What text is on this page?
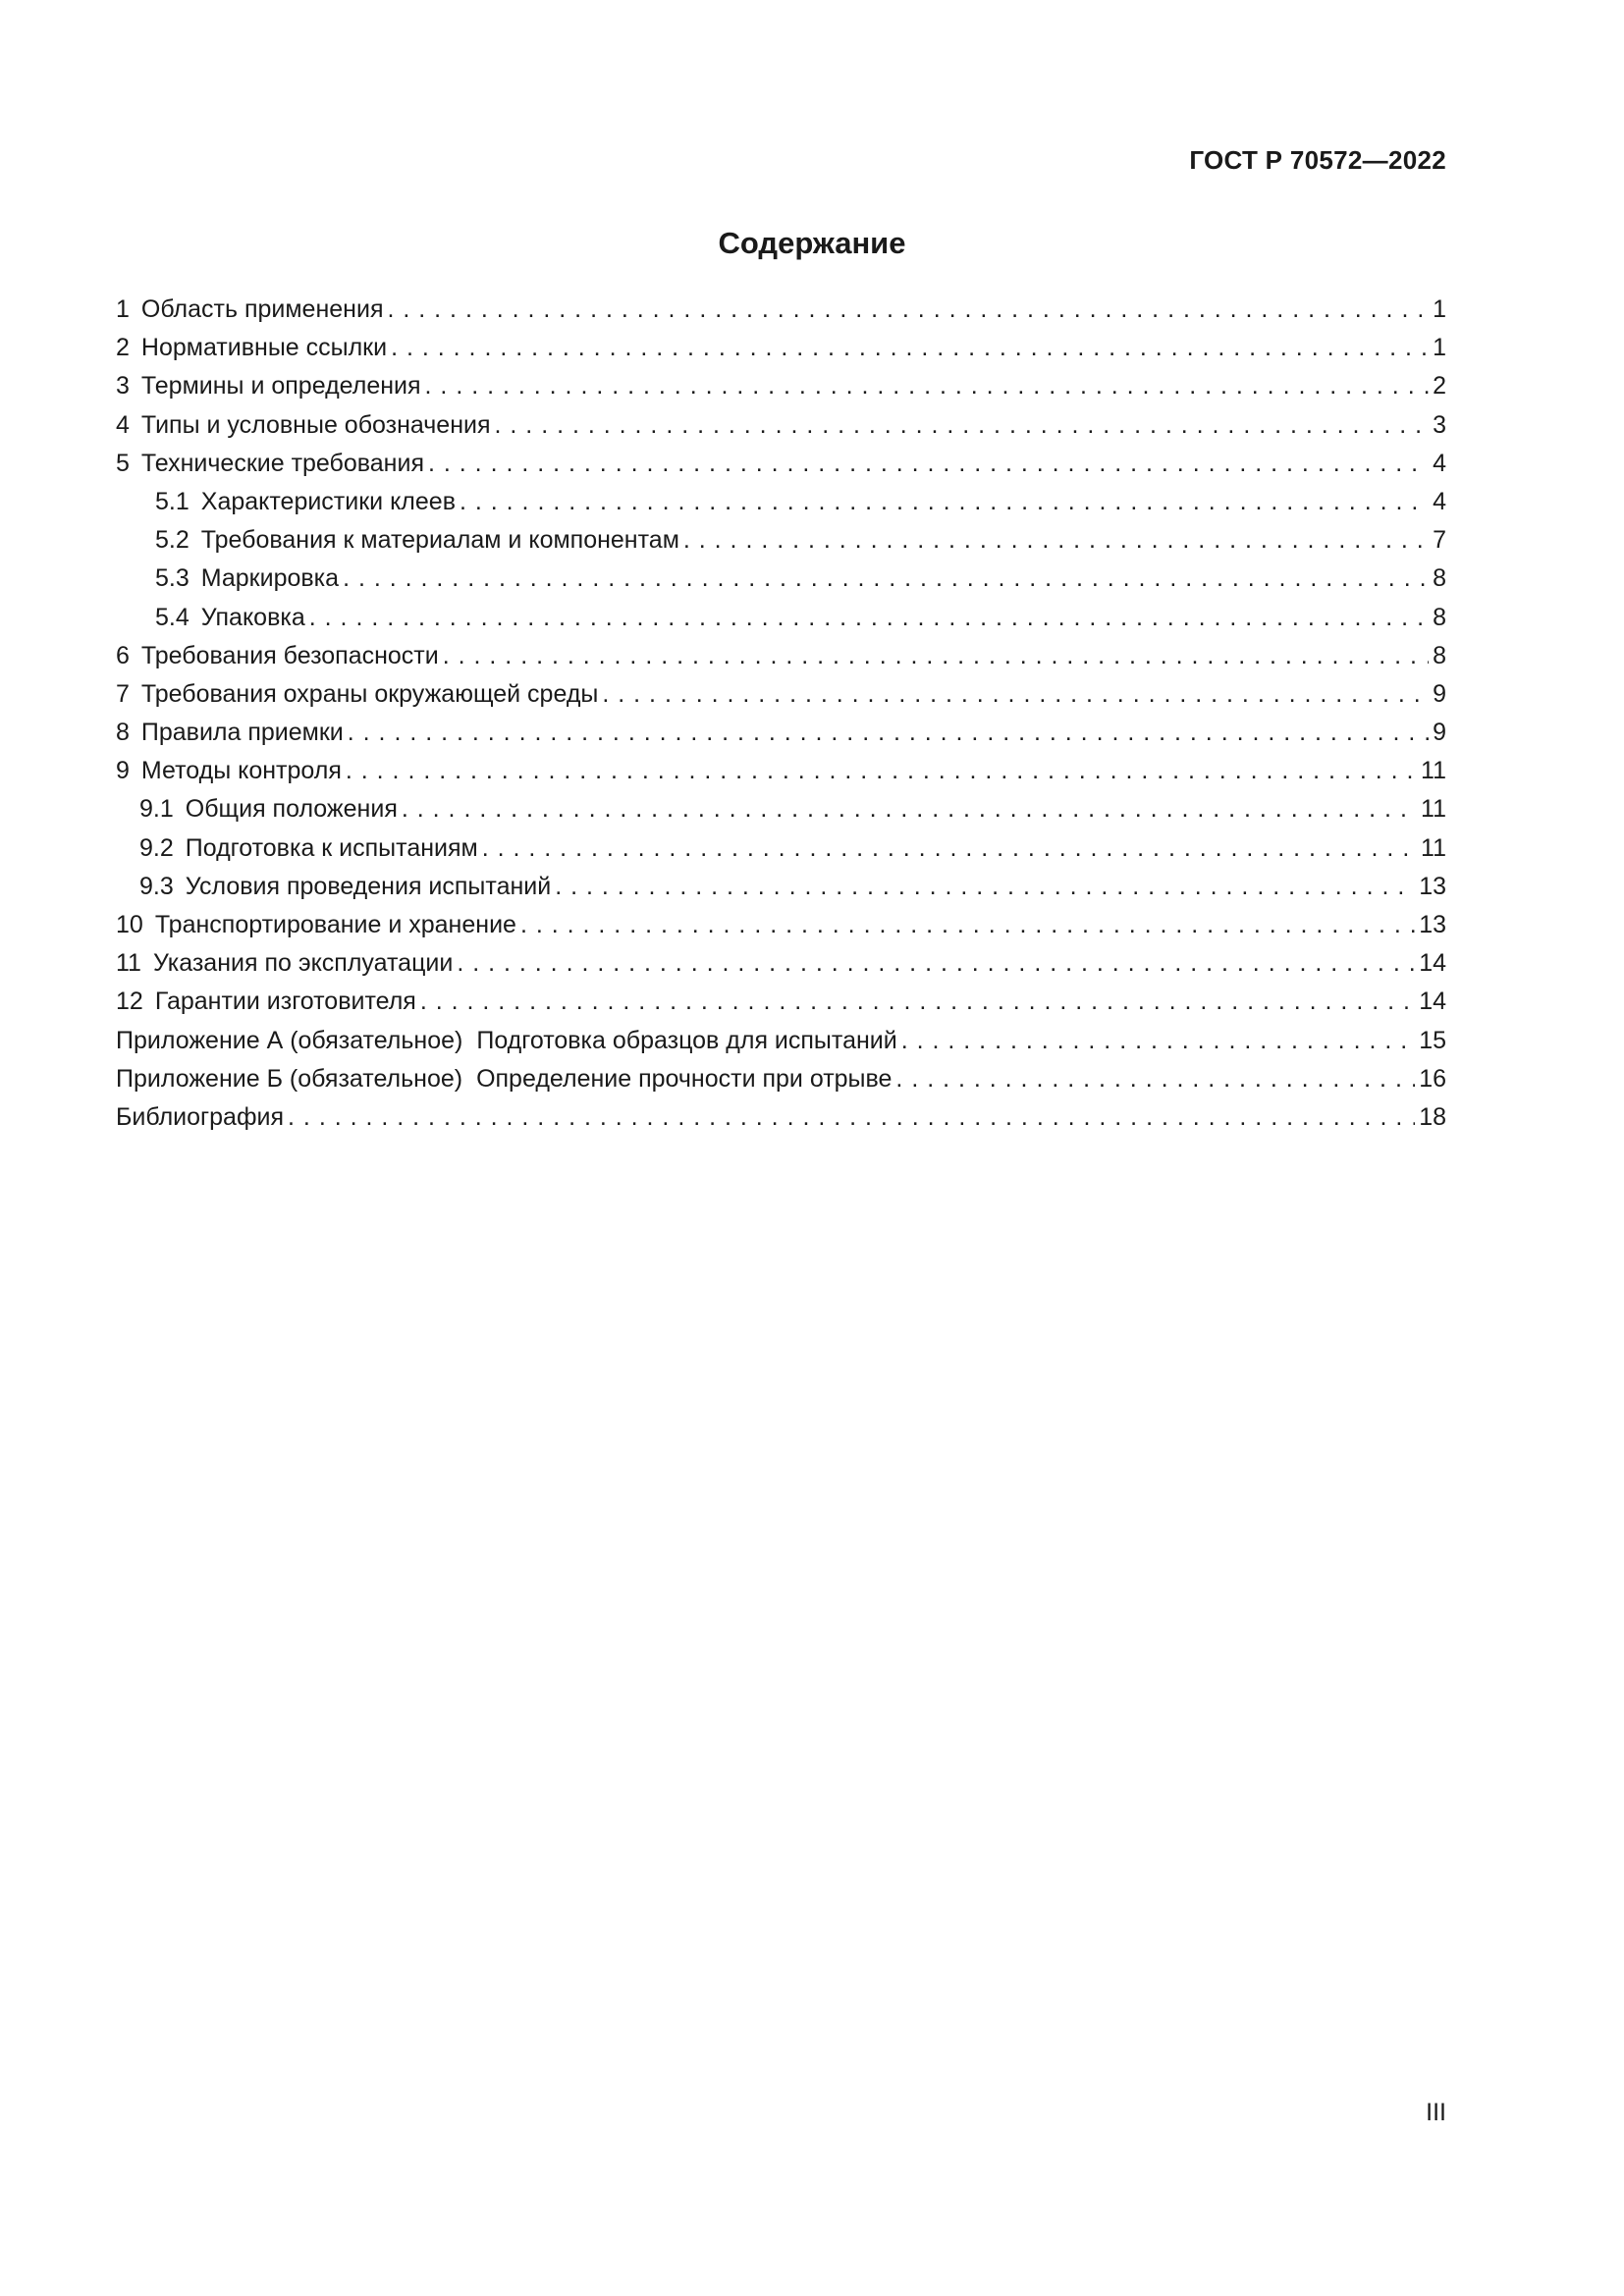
ГОСТ Р 70572—2022
Содержание
1 Область применения . . .	1
2 Нормативные ссылки . . .	1
3 Термины и определения . . .	2
4 Типы и условные обозначения . . .	3
5 Технические требования . . .	4
5.1 Характеристики клеев . . .	4
5.2 Требования к материалам и компонентам . . .	7
5.3 Маркировка . . .	8
5.4 Упаковка . . .	8
6 Требования безопасности . . .	8
7 Требования охраны окружающей среды . . .	9
8 Правила приемки . . .	9
9 Методы контроля . . .	11
9.1 Общия положения . . .	11
9.2 Подготовка к испытаниям . . .	11
9.3 Условия проведения испытаний . . .	13
10 Транспортирование и хранение . . .	13
11 Указания по эксплуатации . . .	14
12 Гарантии изготовителя . . .	14
Приложение А (обязательное) Подготовка образцов для испытаний . . .	15
Приложение Б (обязательное) Определение прочности при отрыве . . .	16
Библиография . . .	18
III
